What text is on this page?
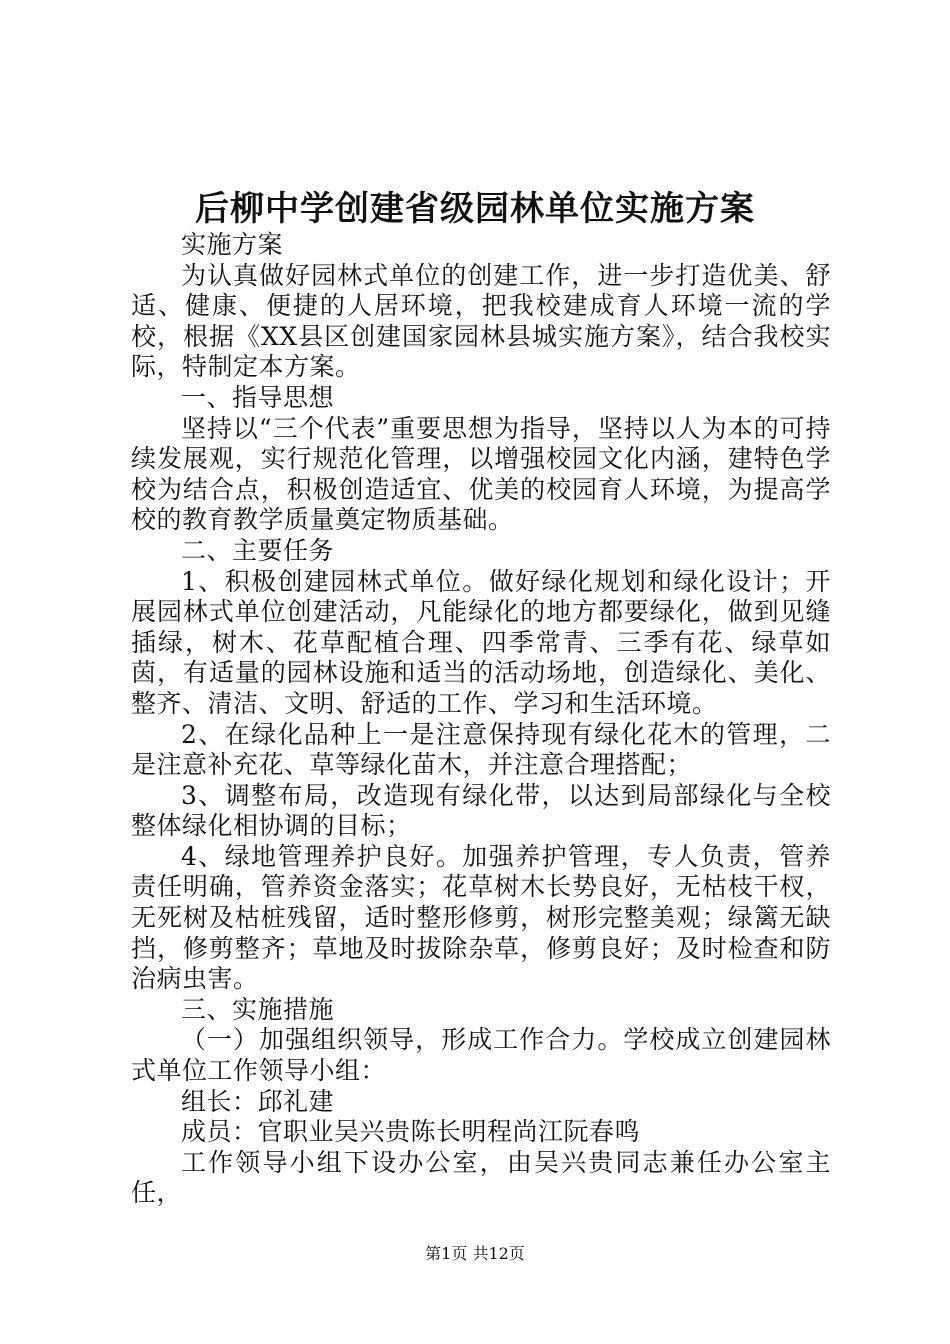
后柳中学创建省级园林单位实施方案

实施方案

为认真做好园林式单位的创建工作，进一步打造优美、舒适、健康、便捷的人居环境，把我校建成育人环境一流的学校，根据《XX县区创建国家园林县城实施方案》，结合我校实际，特制定本方案。

一、指导思想

坚持以“三个代表”重要思想为指导，坚持以人为本的可持续发展观，实行规范化管理，以增强校园文化内涵，建特色学校为结合点，积极创造适宜、优美的校园育人环境，为提高学校的教育教学质量奠定物质基础。

二、主要任务

1、积极创建园林式单位。做好绿化规划和绿化设计；开展园林式单位创建活动，凡能绿化的地方都要绿化，做到见缝插绿，树木、花草配植合理、四季常青、三季有花、绿草如茵，有适量的园林设施和适当的活动场地，创造绿化、美化、整齐、清洁、文明、舒适的工作、学习和生活环境。

2、在绿化品种上一是注意保持现有绿化花木的管理，二是注意补充花、草等绿化苗木，并注意合理搭配；

3、调整布局，改造现有绿化带，以达到局部绿化与全校整体绿化相协调的目标；

4、绿地管理养护良好。加强养护管理，专人负责，管养责任明确，管养资金落实；花草树木长势良好，无枯枝干杈，无死树及枯桩残留，适时整形修剪，树形完整美观；绿篱无缺挡，修剪整齐；草地及时拔除杂草，修剪良好；及时检查和防治病虫害。

三、实施措施

（一）加强组织领导，形成工作合力。学校成立创建园林式单位工作领导小组：

组长：邱礼建

成员：官职业吴兴贵陈长明程尚江阮春鸣

工作领导小组下设办公室，由吴兴贵同志兼任办公室主任，

第1页 共12页
